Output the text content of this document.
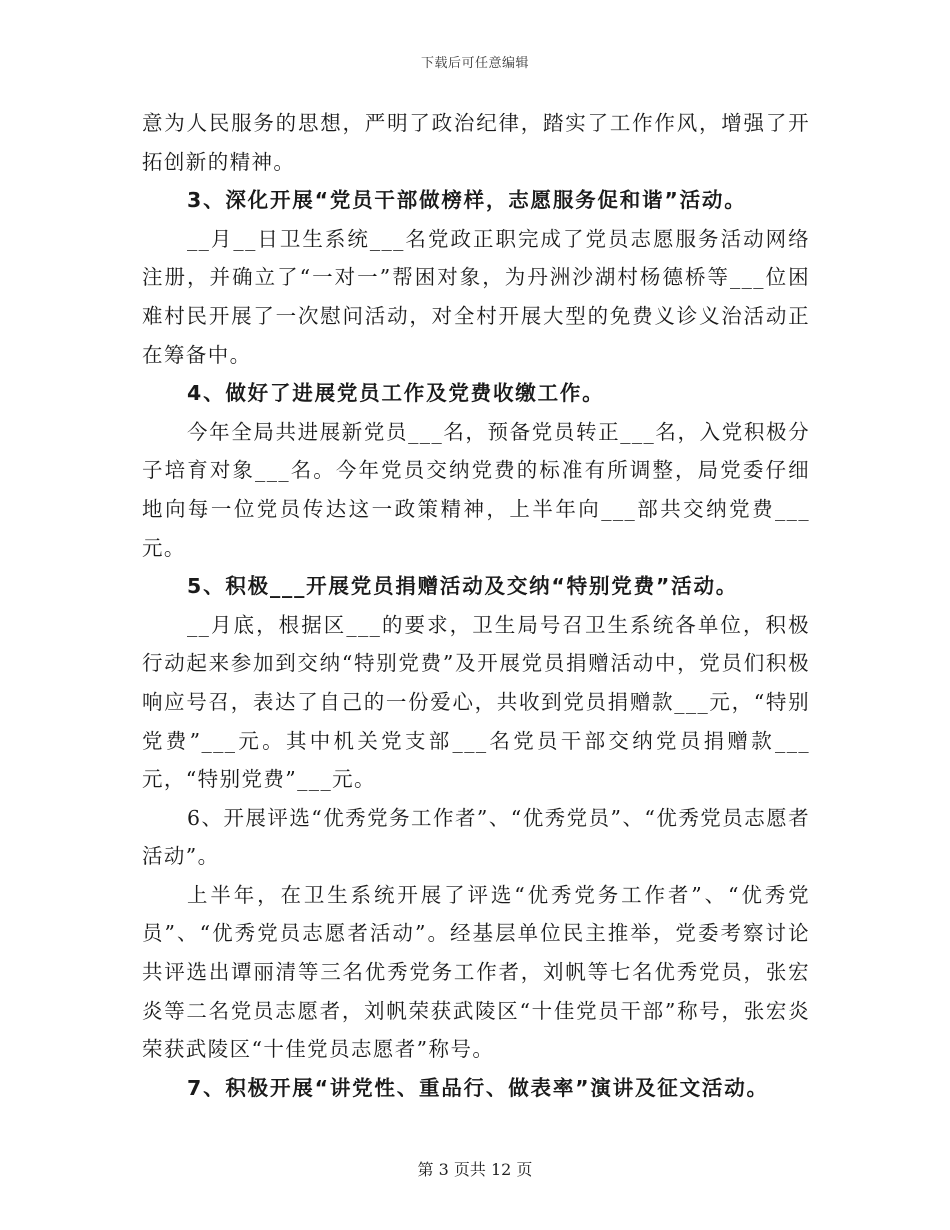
下载后可任意编辑

意为人民服务的思想，严明了政治纪律，踏实了工作作风，增强了开拓创新的精神。

3、深化开展“党员干部做榜样，志愿服务促和谐”活动。

__月__日卫生系统___名党政正职完成了党员志愿服务活动网络注册，并确立了“一对一”帮困对象，为丹洲沙湖村杨德桥等___位困难村民开展了一次慰问活动，对全村开展大型的免费义诊义治活动正在筹备中。

4、做好了进展党员工作及党费收缴工作。

今年全局共进展新党员___名，预备党员转正___名，入党积极分子培育对象___名。今年党员交纳党费的标准有所调整，局党委仔细地向每一位党员传达这一政策精神，上半年向___部共交纳党费___元。

5、积极___开展党员捐赠活动及交纳“特别党费”活动。

__月底，根据区___的要求，卫生局号召卫生系统各单位，积极行动起来参加到交纳“特别党费”及开展党员捐赠活动中，党员们积极响应号召，表达了自己的一份爱心，共收到党员捐赠款___元，“特别党费”___元。其中机关党支部___名党员干部交纳党员捐赠款___元，“特别党费”___元。

6、开展评选“优秀党务工作者”、“优秀党员”、“优秀党员志愿者活动”。

上半年，在卫生系统开展了评选“优秀党务工作者”、“优秀党员”、“优秀党员志愿者活动”。经基层单位民主推举，党委考察讨论共评选出谭丽清等三名优秀党务工作者，刘帆等七名优秀党员，张宏炎等二名党员志愿者，刘帆荣获武陵区“十佳党员干部”称号，张宏炎荣获武陵区“十佳党员志愿者”称号。

7、积极开展“讲党性、重品行、做表率”演讲及征文活动。

第 3 页共 12 页
